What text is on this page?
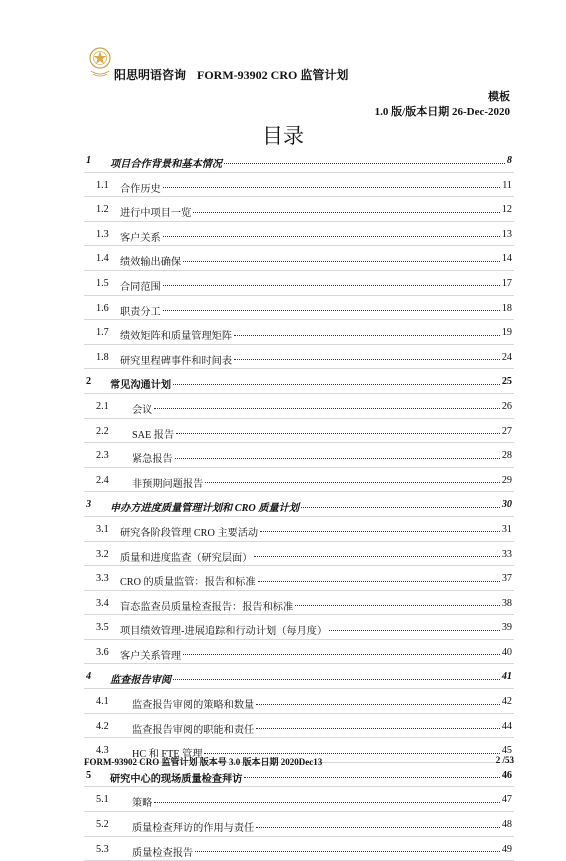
阳思明语咨询 FORM-93902 CRO 监管计划
模板
1.0 版/版本日期 26-Dec-2020
目录
1 项目合作背景和基本情况	8
1.1 合作历史	11
1.2 进行中项目一览	12
1.3 客户关系	13
1.4 绩效输出确保	14
1.5 合同范围	17
1.6 职责分工	18
1.7 绩效矩阵和质量管理矩阵	19
1.8 研究里程碑事件和时间表	24
2 常见沟通计划	25
2.1 会议	26
2.2 SAE 报告	27
2.3 紧急报告	28
2.4 非预期问题报告	29
3 申办方进度质量管理计划和 CRO 质量计划	30
3.1 研究各阶段管理 CRO 主要活动	31
3.2 质量和进度监查（研究层面）	33
3.3 CRO 的质量监管：报告和标准	37
3.4 盲态监查员质量检查报告：报告和标准	38
3.5 项目绩效管理-进展追踪和行动计划（每月度）	39
3.6 客户关系管理	40
4 监查报告审阅	41
4.1 监查报告审阅的策略和数量	42
4.2 监查报告审阅的职能和责任	44
4.3 HC 和 FTE 管理	45
5 研究中心的现场质量检查拜访	46
5.1 策略	47
5.2 质量检查拜访的作用与责任	48
5.3 质量检查报告	49
FORM-93902 CRO 监管计划 版本号 3.0 版本日期 2020Dec13	2 /53
